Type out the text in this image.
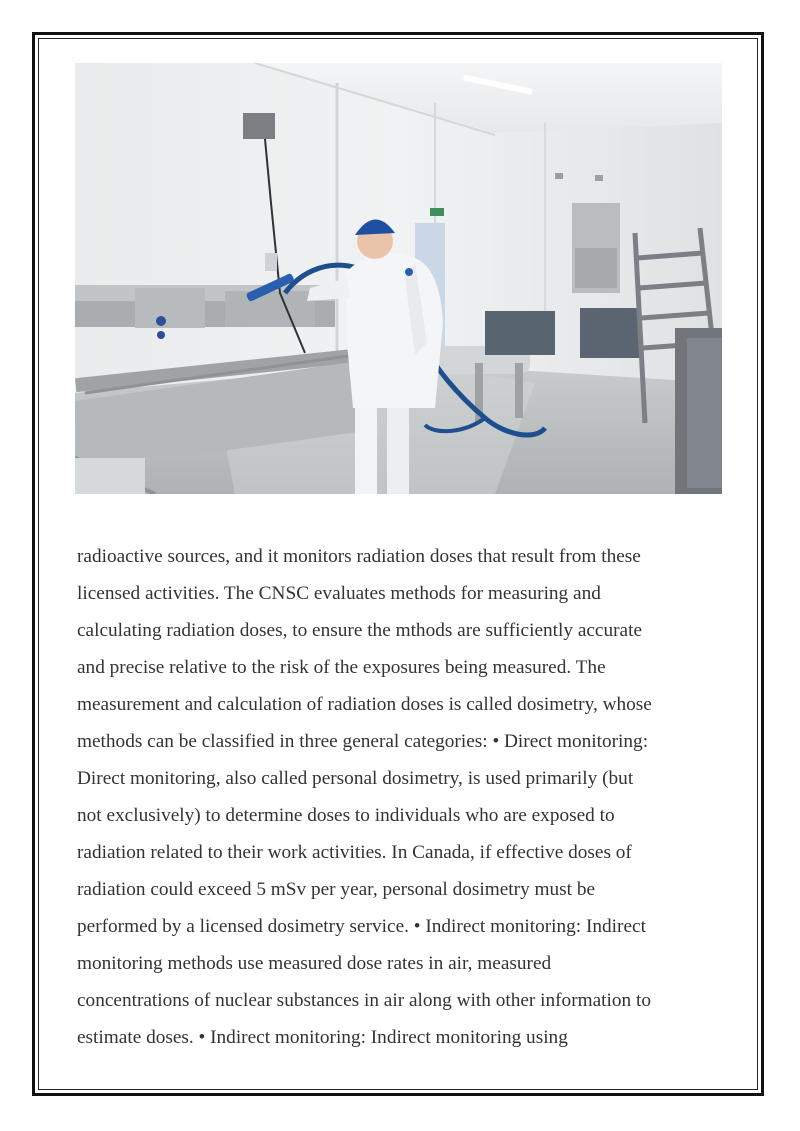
radioactive sources, and it monitors radiation doses that result from these
licensed activities. The CNSC evaluates methods for measuring and
calculating radiation doses, to ensure the mthods are sufficiently accurate
and precise relative to the risk of the exposures being measured. The
measurement and calculation of radiation doses is called dosimetry, whose
methods can be classified in three general categories: • Direct monitoring:
Direct monitoring, also called personal dosimetry, is used primarily (but
not exclusively) to determine doses to individuals who are exposed to
radiation related to their work activities. In Canada, if effective doses of
radiation could exceed 5 mSv per year, personal dosimetry must be
performed by a licensed dosimetry service. • Indirect monitoring: Indirect
monitoring methods use measured dose rates in air, measured
concentrations of nuclear substances in air along with other information to
estimate doses. • Indirect monitoring: Indirect monitoring using
